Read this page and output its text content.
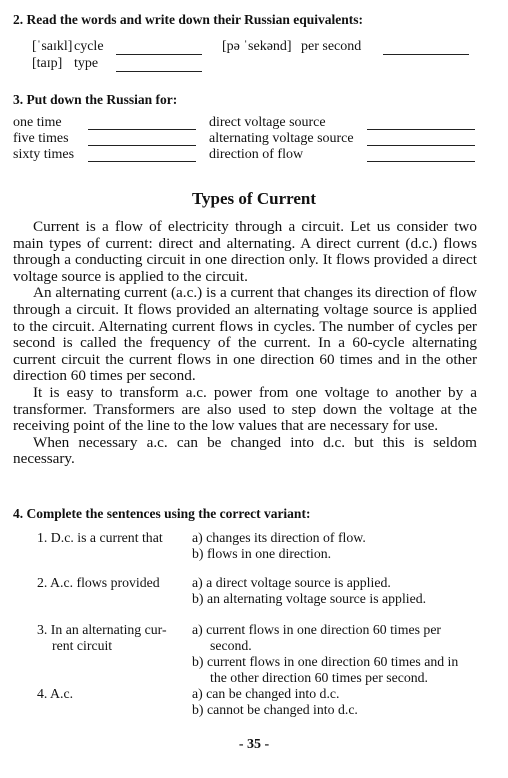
2. Read the words and write down their Russian equivalents:
[ˈsaɪkl] cycle
[taɪp] type
[pə ˈsekənd] per second
3. Put down the Russian for:
one time
five times
sixty times
direct voltage source
alternating voltage source
direction of flow
Types of Current

Current is a flow of electricity through a circuit. Let us consider two main types of current: direct and alternating. A direct current (d.c.) flows through a conducting circuit in one direction only. It flows provided a direct voltage source is applied to the circuit.

An alternating current (a.c.) is a current that changes its direction of flow through a circuit. It flows provided an alternating voltage source is applied to the circuit. Alternating current flows in cycles. The number of cycles per second is called the frequency of the current. In a 60-cycle alternating current circuit the current flows in one direction 60 times and in the other direction 60 times per second.

It is easy to transform a.c. power from one voltage to another by a transformer. Transformers are also used to step down the voltage at the receiving point of the line to the low values that are necessary for use.

When necessary a.c. can be changed into d.c. but this is seldom necessary.

4. Complete the sentences using the correct variant:
1. D.c. is a current that a) changes its direction of flow.
b) flows in one direction.
2. A.c. flows provided a) a direct voltage source is applied.
b) an alternating voltage source is applied.
3. In an alternating cur-
rent circuit
a) current flows in one direction 60 times per
second.
b) current flows in one direction 60 times and in
the other direction 60 times per second.
4. A.c.	a) can be changed into d.c.
b) cannot be changed into d.c.
- 35 -
